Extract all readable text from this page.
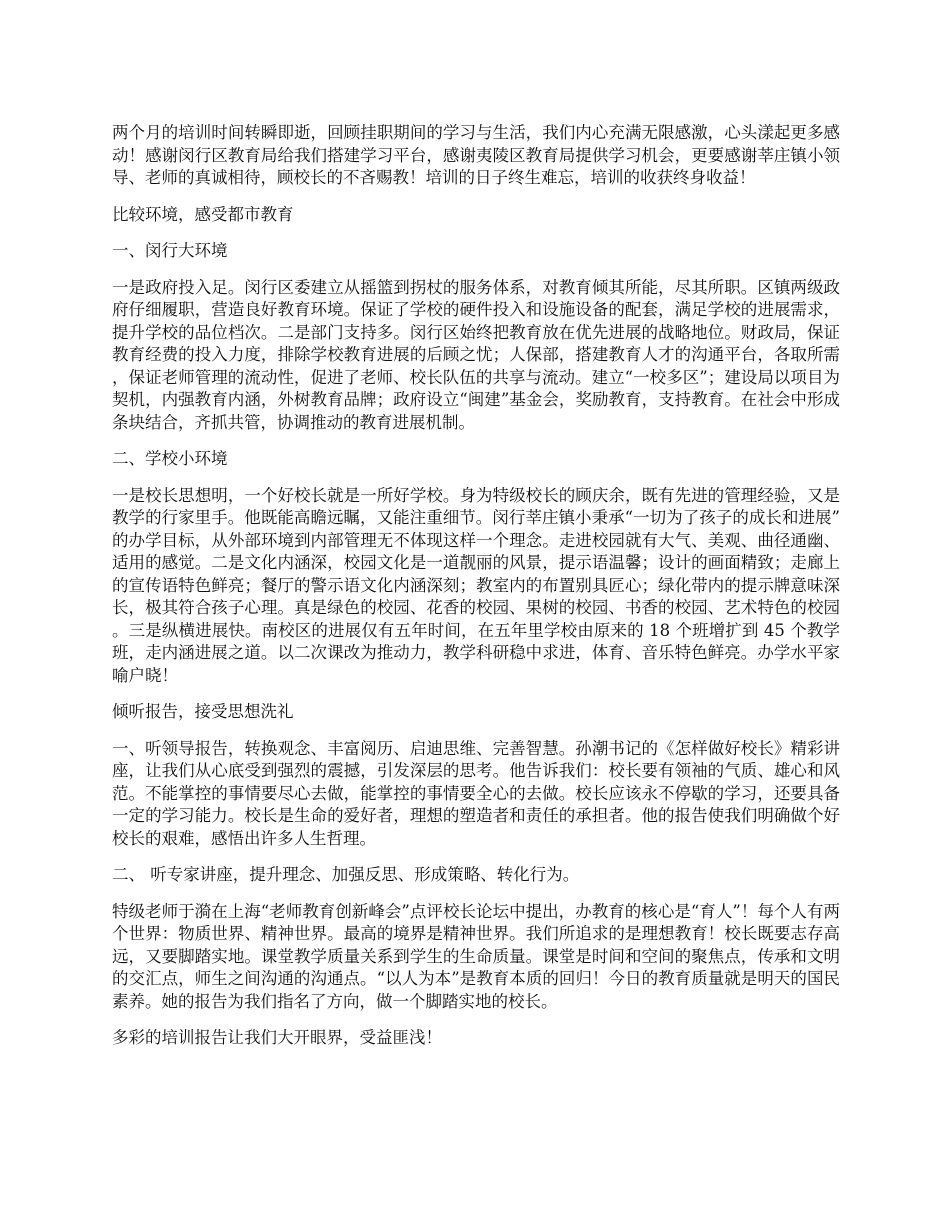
两个月的培训时间转瞬即逝，回顾挂职期间的学习与生活，我们内心充满无限感激，心头漾起更多感动！感谢闵行区教育局给我们搭建学习平台，感谢夷陵区教育局提供学习机会，更要感谢莘庄镇小领导、老师的真诚相待，顾校长的不吝赐教！培训的日子终生难忘，培训的收获终身收益！

比较环境，感受都市教育

一、闵行大环境

一是政府投入足。闵行区委建立从摇篮到拐杖的服务体系，对教育倾其所能，尽其所职。区镇两级政府仔细履职，营造良好教育环境。保证了学校的硬件投入和设施设备的配套，满足学校的进展需求，提升学校的品位档次。二是部门支持多。闵行区始终把教育放在优先进展的战略地位。财政局，保证教育经费的投入力度，排除学校教育进展的后顾之忧；人保部，搭建教育人才的沟通平台，各取所需，保证老师管理的流动性，促进了老师、校长队伍的共享与流动。建立“一校多区”；建设局以项目为契机，内强教育内涵，外树教育品牌；政府设立“闽建”基金会，奖励教育，支持教育。在社会中形成条块结合，齐抓共管，协调推动的教育进展机制。

二、学校小环境

一是校长思想明，一个好校长就是一所好学校。身为特级校长的顾庆余，既有先进的管理经验，又是教学的行家里手。他既能高瞻远瞩，又能注重细节。闵行莘庄镇小秉承“一切为了孩子的成长和进展”的办学目标，从外部环境到内部管理无不体现这样一个理念。走进校园就有大气、美观、曲径通幽、适用的感觉。二是文化内涵深，校园文化是一道靓丽的风景，提示语温馨；设计的画面精致；走廊上的宣传语特色鲜亮；餐厅的警示语文化内涵深刻；教室内的布置别具匠心；绿化带内的提示牌意味深长，极其符合孩子心理。真是绿色的校园、花香的校园、果树的校园、书香的校园、艺术特色的校园。三是纵横进展快。南校区的进展仅有五年时间，在五年里学校由原来的 18 个班增扩到 45 个教学班，走内涵进展之道。以二次课改为推动力，教学科研稳中求进，体育、音乐特色鲜亮。办学水平家喻户晓！

倾听报告，接受思想洗礼

一、听领导报告，转换观念、丰富阅历、启迪思维、完善智慧。孙潮书记的《怎样做好校长》精彩讲座，让我们从心底受到强烈的震撼，引发深层的思考。他告诉我们：校长要有领袖的气质、雄心和风范。不能掌控的事情要尽心去做，能掌控的事情要全心的去做。校长应该永不停歇的学习，还要具备一定的学习能力。校长是生命的爱好者，理想的塑造者和责任的承担者。他的报告使我们明确做个好校长的艰难，感悟出许多人生哲理。

二、 听专家讲座，提升理念、加强反思、形成策略、转化行为。

特级老师于漪在上海“老师教育创新峰会”点评校长论坛中提出，办教育的核心是“育人”！每个人有两个世界：物质世界、精神世界。最高的境界是精神世界。我们所追求的是理想教育！校长既要志存高远，又要脚踏实地。课堂教学质量关系到学生的生命质量。课堂是时间和空间的聚焦点，传承和文明的交汇点，师生之间沟通的沟通点。“以人为本”是教育本质的回归！今日的教育质量就是明天的国民素养。她的报告为我们指名了方向，做一个脚踏实地的校长。

多彩的培训报告让我们大开眼界，受益匪浅！
